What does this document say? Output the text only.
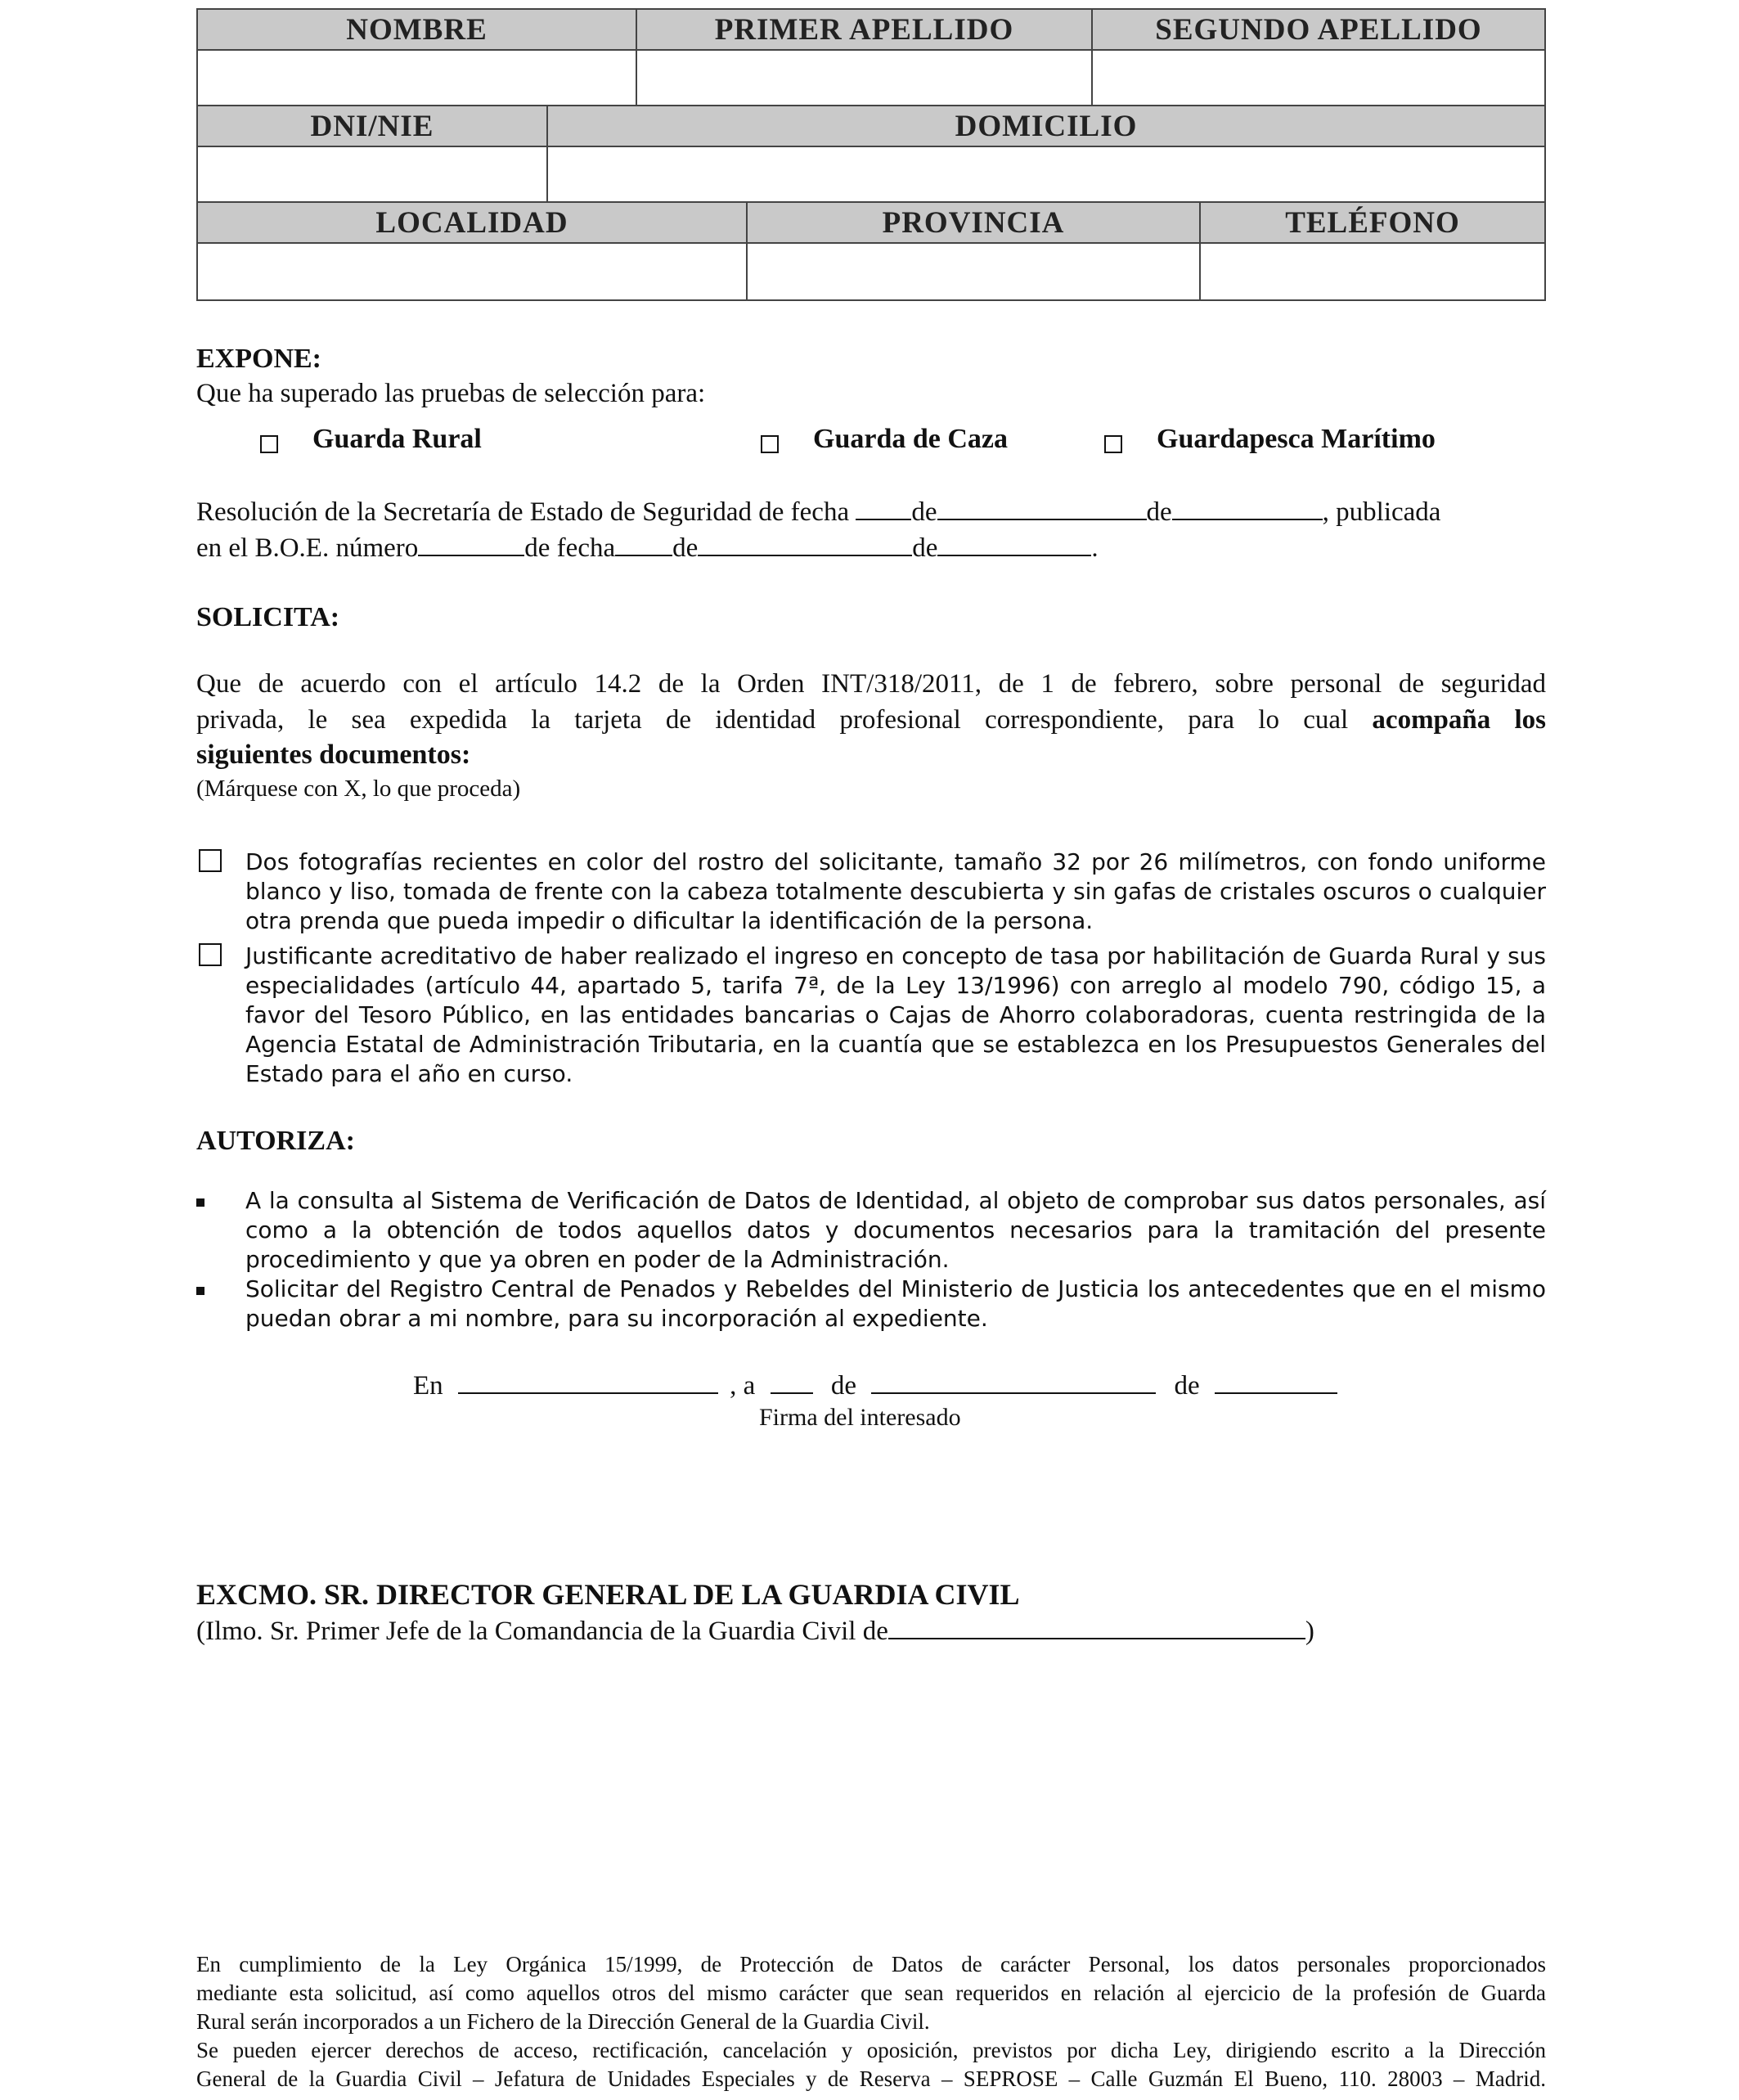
NOMBRE	PRIMER APELLIDO	SEGUNDO APELLIDO
DNI/NIE	DOMICILIO
LOCALIDAD	PROVINCIA	TELÉFONO
EXPONE:
Que ha superado las pruebas de selección para:
Guarda Rural	Guarda de Caza	Guardapesca Marítimo
Resolución de la Secretaría de Estado de Seguridad de fecha de	de	, publicada
en el B.O.E. número	de fecha de	de	.
SOLICITA:
Que de acuerdo con el artículo 14.2 de la Orden INT/318/2011, de 1 de febrero, sobre personal de seguridad
privada, le sea expedida la tarjeta de identidad profesional correspondiente, para lo cual acompaña los
siguientes documentos:
(Márquese con X, lo que proceda)
Dos fotografías recientes en color del rostro del solicitante, tamaño 32 por 26 milímetros, con fondo uniforme
blanco y liso, tomada de frente con la cabeza totalmente descubierta y sin gafas de cristales oscuros o cualquier
otra prenda que pueda impedir o dificultar la identificación de la persona.
Justificante acreditativo de haber realizado el ingreso en concepto de tasa por habilitación de Guarda Rural y sus
especialidades (artículo 44, apartado 5, tarifa 7ª, de la Ley 13/1996) con arreglo al modelo 790, código 15, a
favor del Tesoro Público, en las entidades bancarias o Cajas de Ahorro colaboradoras, cuenta restringida de la
Agencia Estatal de Administración Tributaria, en la cuantía que se establezca en los Presupuestos Generales del
Estado para el año en curso.
AUTORIZA:
A la consulta al Sistema de Verificación de Datos de Identidad, al objeto de comprobar sus datos personales, así
como a la obtención de todos aquellos datos y documentos necesarios para la tramitación del presente
procedimiento y que ya obren en poder de la Administración.
Solicitar del Registro Central de Penados y Rebeldes del Ministerio de Justicia los antecedentes que en el mismo
puedan obrar a mi nombre, para su incorporación al expediente.
En	, a	de	de
Firma del interesado
EXCMO. SR. DIRECTOR GENERAL DE LA GUARDIA CIVIL
(Ilmo. Sr. Primer Jefe de la Comandancia de la Guardia Civil de	)
En cumplimiento de la Ley Orgánica 15/1999, de Protección de Datos de carácter Personal, los datos personales proporcionados
mediante esta solicitud, así como aquellos otros del mismo carácter que sean requeridos en relación al ejercicio de la profesión de Guarda
Rural serán incorporados a un Fichero de la Dirección General de la Guardia Civil.
Se pueden ejercer derechos de acceso, rectificación, cancelación y oposición, previstos por dicha Ley, dirigiendo escrito a la Dirección
General de la Guardia Civil – Jefatura de Unidades Especiales y de Reserva – SEPROSE – Calle Guzmán El Bueno, 110. 28003 – Madrid.
